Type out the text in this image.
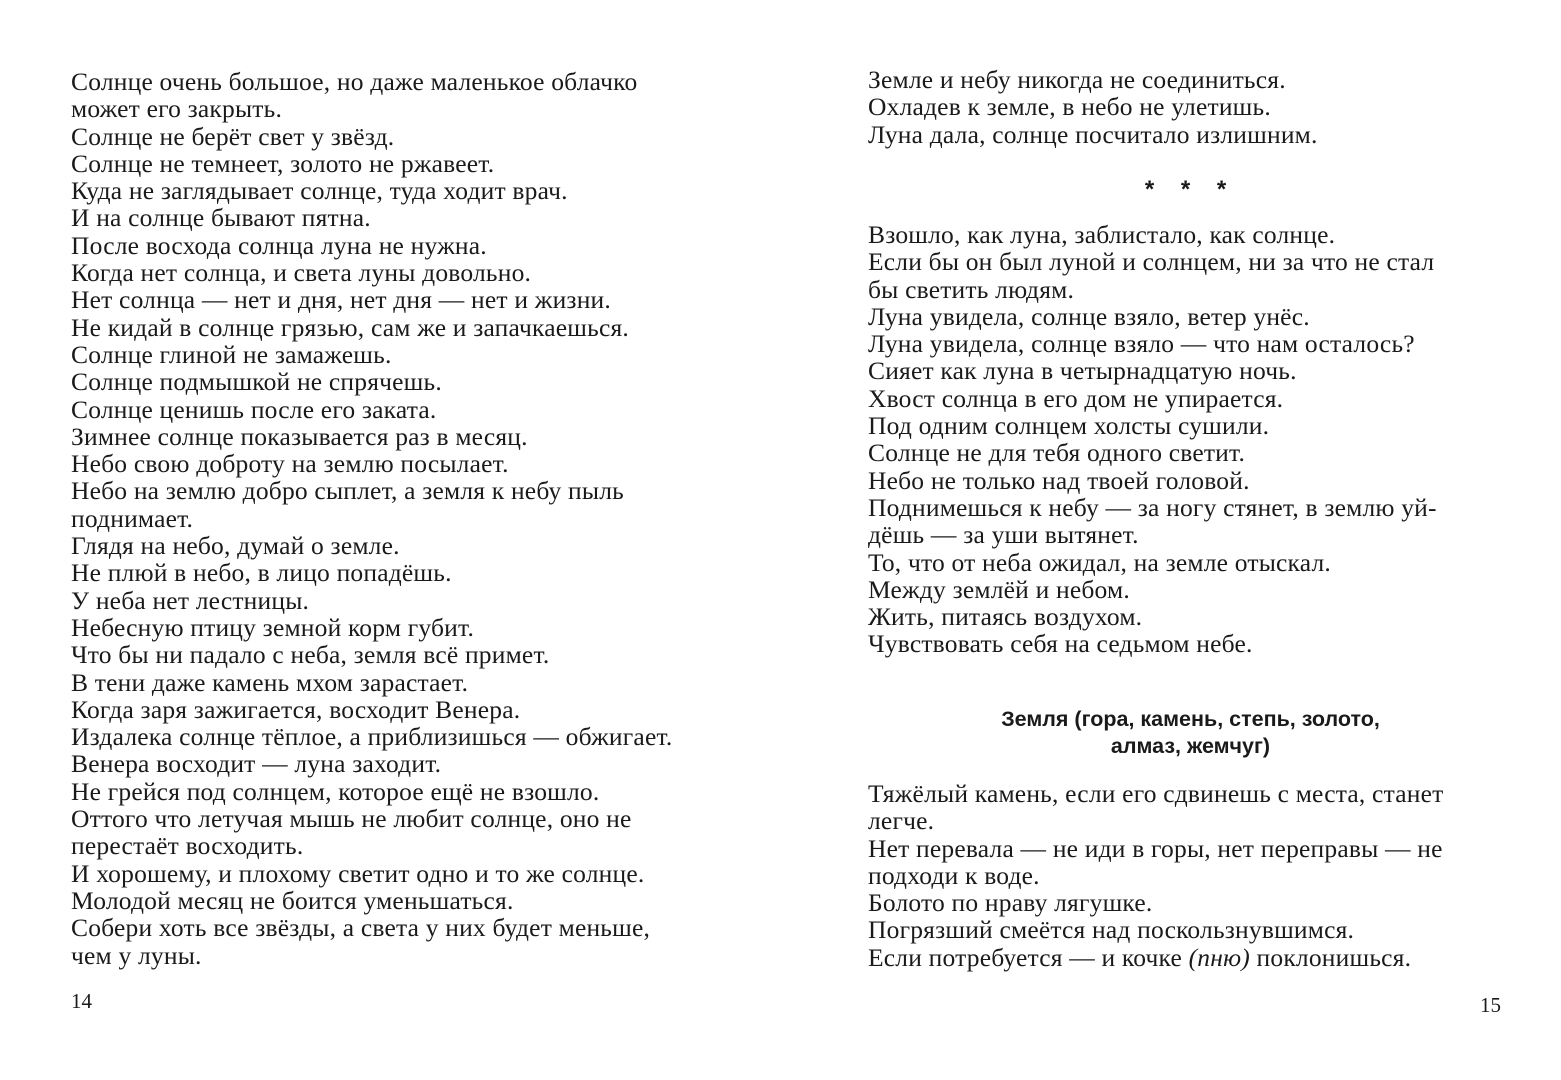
Солнце очень большое, но даже маленькое облачко
может его закрыть.
Солнце не берёт свет у звёзд.
Солнце не темнеет, золото не ржавеет.
Куда не заглядывает солнце, туда ходит врач.
И на солнце бывают пятна.
После восхода солнца луна не нужна.
Когда нет солнца, и света луны довольно.
Нет солнца — нет и дня, нет дня — нет и жизни.
Не кидай в солнце грязью, сам же и запачкаешься.
Солнце глиной не замажешь.
Солнце подмышкой не спрячешь.
Солнце ценишь после его заката.
Зимнее солнце показывается раз в месяц.
Небо свою доброту на землю посылает.
Небо на землю добро сыплет, а земля к небу пыль
поднимает.
Глядя на небо, думай о земле.
Не плюй в небо, в лицо попадёшь.
У неба нет лестницы.
Небесную птицу земной корм губит.
Что бы ни падало с неба, земля всё примет.
В тени даже камень мхом зарастает.
Когда заря зажигается, восходит Венера.
Издалека солнце тёплое, а приблизишься — обжигает.
Венера восходит — луна заходит.
Не грейся под солнцем, которое ещё не взошло.
Оттого что летучая мышь не любит солнце, оно не
перестаёт восходить.
И хорошему, и плохому светит одно и то же солнце.
Молодой месяц не боится уменьшаться.
Собери хоть все звёзды, а света у них будет меньше,
чем у луны.
14
Земле и небу никогда не соединиться.
Охладев к земле, в небо не улетишь.
Луна дала, солнце посчитало излишним.
* * *
Взошло, как луна, заблистало, как солнце.
Если бы он был луной и солнцем, ни за что не стал
бы светить людям.
Луна увидела, солнце взяло, ветер унёс.
Луна увидела, солнце взяло — что нам осталось?
Сияет как луна в четырнадцатую ночь.
Хвост солнца в его дом не упирается.
Под одним солнцем холсты сушили.
Солнце не для тебя одного светит.
Небо не только над твоей головой.
Поднимешься к небу — за ногу стянет, в землю уй-
дёшь — за уши вытянет.
То, что от неба ожидал, на земле отыскал.
Между землёй и небом.
Жить, питаясь воздухом.
Чувствовать себя на седьмом небе.
Земля (гора, камень, степь, золото,
алмаз, жемчуг)
Тяжёлый камень, если его сдвинешь с места, станет
легче.
Нет перевала — не иди в горы, нет переправы — не
подходи к воде.
Болото по нраву лягушке.
Погрязший смеётся над поскользнувшимся.
Если потребуется — и кочке (пню) поклонишься.
15
